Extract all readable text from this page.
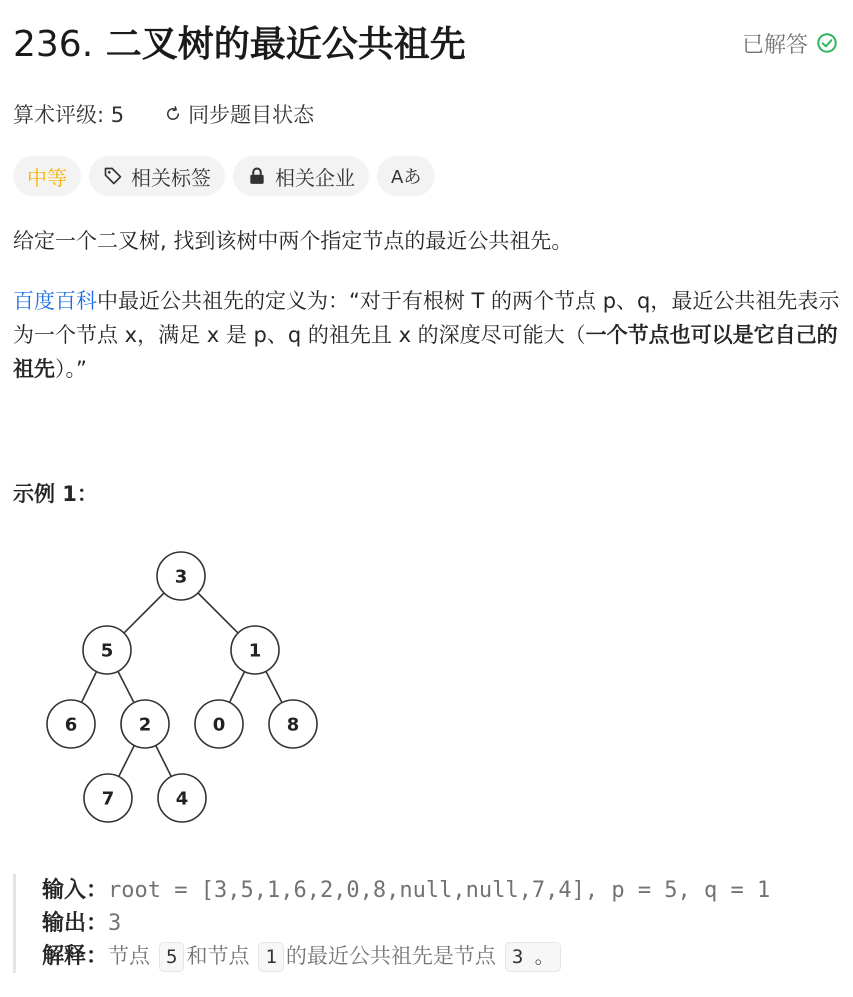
236. 二叉树的最近公共祖先	已解答
算术评级: 5	同步题目状态
中等	相关标签	相关企业 Aあ
给定一个二叉树, 找到该树中两个指定节点的最近公共祖先。
百度百科中最近公共祖先的定义为：“对于有根树 T 的两个节点 p、q，最近公共祖先表示为一个节点 x，满足 x 是 p、q 的祖先且 x 的深度尽可能大（一个节点也可以是它自己的祖先）。”
示例 1：
3
5	1
6	2	0	8
7	4
输入：root = [3,5,1,6,2,0,8,null,null,7,4], p = 5, q = 1
输出：3
解释：节点 5 和节点 1 的最近公共祖先是节点 3 。
